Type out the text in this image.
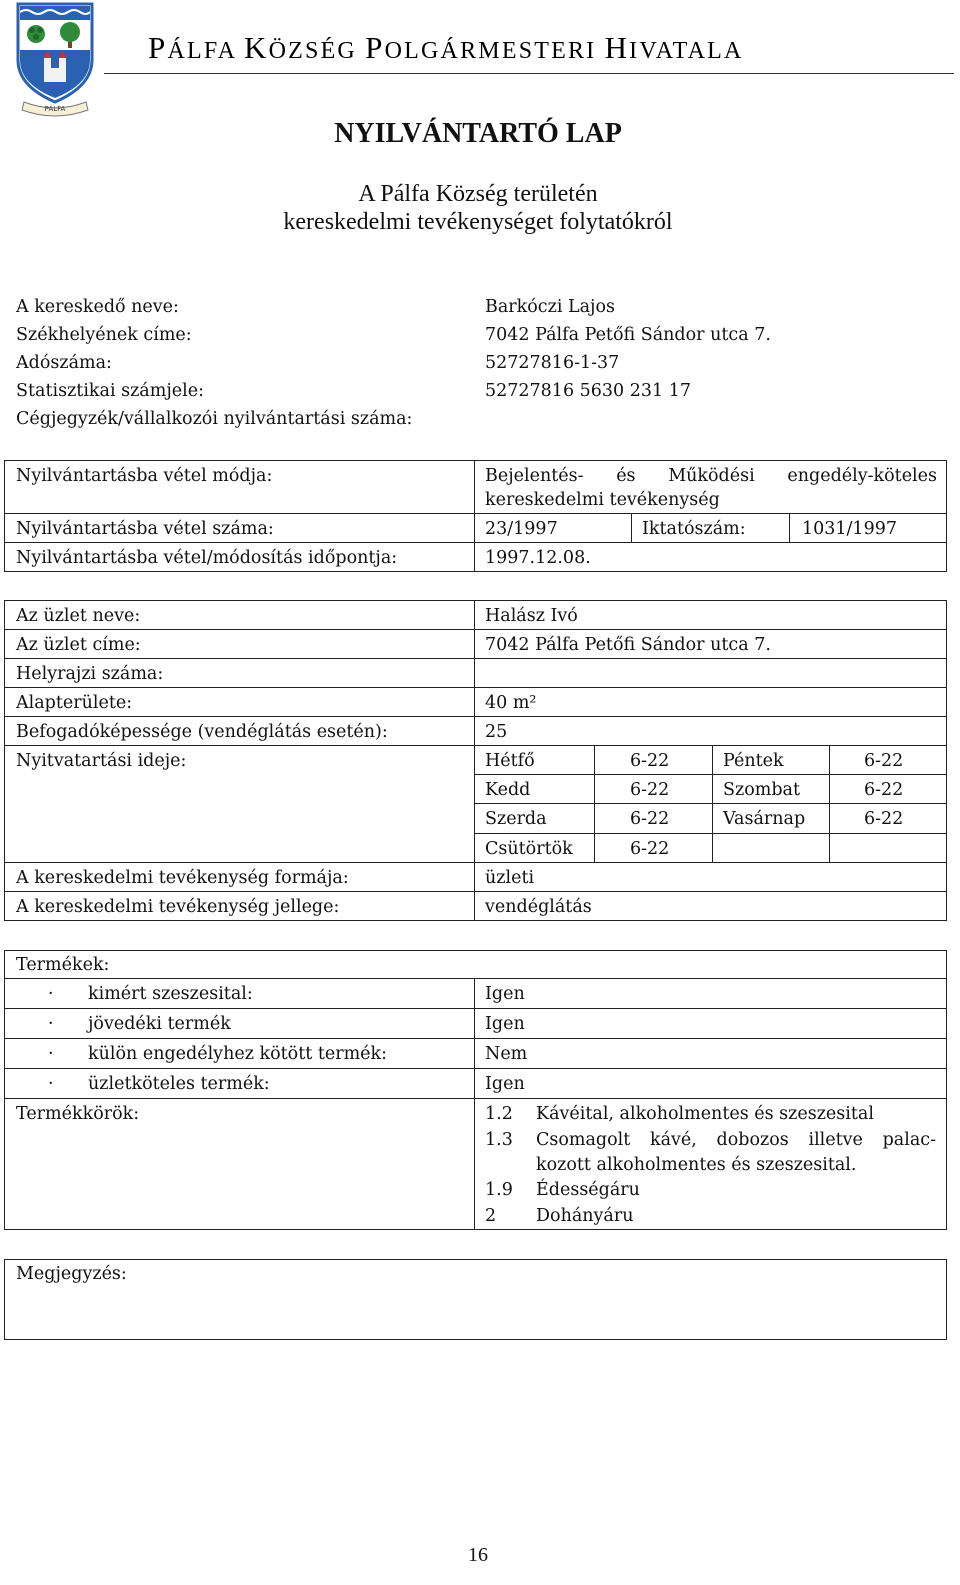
PÁLFA
PÁLFA KÖZSÉG POLGÁRMESTERI HIVATALA
NYILVÁNTARTÓ LAP
A Pálfa Község területén
kereskedelmi tevékenységet folytatókról
A kereskedő neve:	Barkóczi Lajos
Székhelyének címe:	7042 Pálfa Petőfi Sándor utca 7.
Adószáma:	52727816-1-37
Statisztikai számjele:	52727816 5630 231 17
Cégjegyzék/vállalkozói nyilvántartási száma:
Nyilvántartásba vétel módja:	Bejelentés- és Működési engedély-köteles
kereskedelmi tevékenység
Nyilvántartásba vétel száma:	23/1997	Iktatószám:	1031/1997
Nyilvántartásba vétel/módosítás időpontja:	1997.12.08.
Az üzlet neve:	Halász Ivó
Az üzlet címe:	7042 Pálfa Petőfi Sándor utca 7.
Helyrajzi száma:
Alapterülete:	40 m²
Befogadóképessége (vendéglátás esetén):	25
Nyitvatartási ideje:	Hétfő	6-22	Péntek	6-22
Kedd	6-22	Szombat	6-22
Szerda	6-22	Vasárnap	6-22
Csütörtök	6-22
A kereskedelmi tevékenység formája:	üzleti
A kereskedelmi tevékenység jellege:	vendéglátás
Termékek:
· kimért szeszesital:	Igen
· jövedéki termék	Igen
· külön engedélyhez kötött termék:	Nem
· üzletköteles termék:	Igen
Termékkörök:	1.2 Kávéital, alkoholmentes és szeszesital
1.3 Csomagolt kávé, dobozos illetve palac-
kozott alkoholmentes és szeszesital.
1.9 Édességáru
2 Dohányáru
Megjegyzés:
16
